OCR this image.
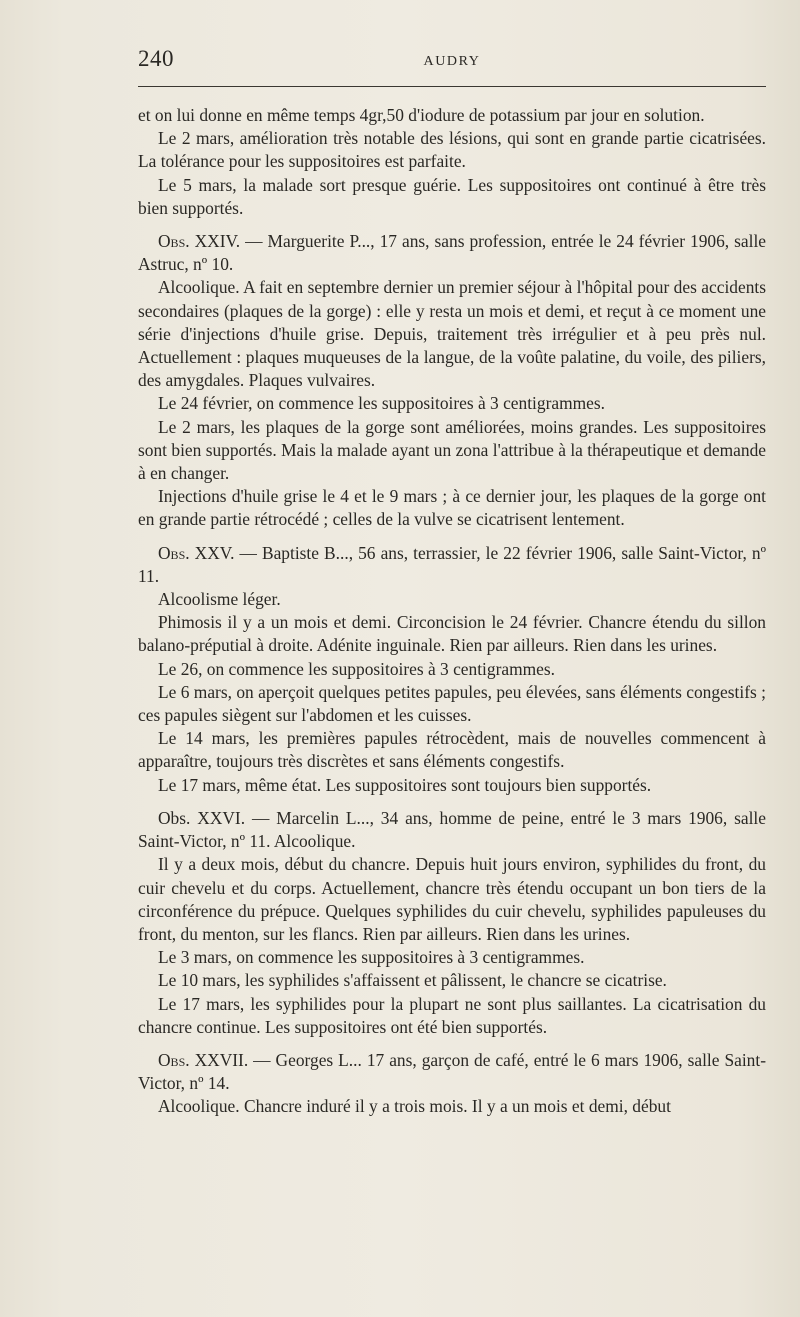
240	AUDRY

et on lui donne en même temps 4gr,50 d'iodure de potassium par jour en solution.

Le 2 mars, amélioration très notable des lésions, qui sont en grande partie cicatrisées. La tolérance pour les suppositoires est parfaite.

Le 5 mars, la malade sort presque guérie. Les suppositoires ont continué à être très bien supportés.

Obs. XXIV. — Marguerite P..., 17 ans, sans profession, entrée le 24 février 1906, salle Astruc, nº 10.

Alcoolique. A fait en septembre dernier un premier séjour à l'hôpital pour des accidents secondaires (plaques de la gorge) : elle y resta un mois et demi, et reçut à ce moment une série d'injections d'huile grise. Depuis, traitement très irrégulier et à peu près nul. Actuellement : plaques muqueuses de la langue, de la voûte palatine, du voile, des piliers, des amygdales. Plaques vulvaires.

Le 24 février, on commence les suppositoires à 3 centigrammes.

Le 2 mars, les plaques de la gorge sont améliorées, moins grandes. Les suppositoires sont bien supportés. Mais la malade ayant un zona l'attribue à la thérapeutique et demande à en changer.

Injections d'huile grise le 4 et le 9 mars ; à ce dernier jour, les plaques de la gorge ont en grande partie rétrocédé ; celles de la vulve se cicatrisent lentement.

Obs. XXV. — Baptiste B..., 56 ans, terrassier, le 22 février 1906, salle Saint-Victor, nº 11.

Alcoolisme léger.

Phimosis il y a un mois et demi. Circoncision le 24 février. Chancre étendu du sillon balano-préputial à droite. Adénite inguinale. Rien par ailleurs. Rien dans les urines.

Le 26, on commence les suppositoires à 3 centigrammes.

Le 6 mars, on aperçoit quelques petites papules, peu élevées, sans éléments congestifs ; ces papules siègent sur l'abdomen et les cuisses.

Le 14 mars, les premières papules rétrocèdent, mais de nouvelles commencent à apparaître, toujours très discrètes et sans éléments congestifs.

Le 17 mars, même état. Les suppositoires sont toujours bien supportés.

Obs. XXVI. — Marcelin L..., 34 ans, homme de peine, entré le 3 mars 1906, salle Saint-Victor, nº 11. Alcoolique.

Il y a deux mois, début du chancre. Depuis huit jours environ, syphilides du front, du cuir chevelu et du corps. Actuellement, chancre très étendu occupant un bon tiers de la circonférence du prépuce. Quelques syphilides du cuir chevelu, syphilides papuleuses du front, du menton, sur les flancs. Rien par ailleurs. Rien dans les urines.

Le 3 mars, on commence les suppositoires à 3 centigrammes.

Le 10 mars, les syphilides s'affaissent et pâlissent, le chancre se cicatrise.

Le 17 mars, les syphilides pour la plupart ne sont plus saillantes. La cicatrisation du chancre continue. Les suppositoires ont été bien supportés.

Obs. XXVII. — Georges L... 17 ans, garçon de café, entré le 6 mars 1906, salle Saint-Victor, nº 14.

Alcoolique. Chancre induré il y a trois mois. Il y a un mois et demi, début
